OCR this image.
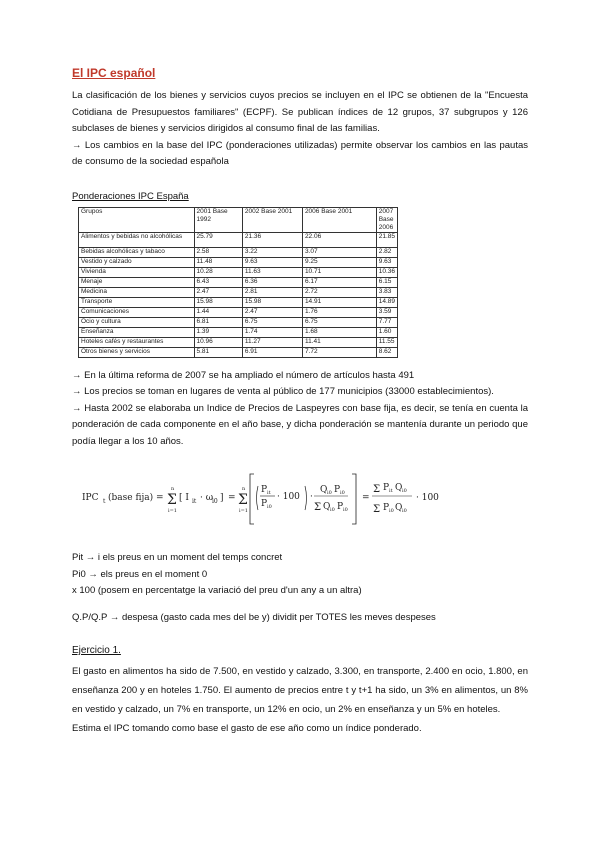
El IPC español

La clasificación de los bienes y servicios cuyos precios se incluyen en el IPC se obtienen de la "Encuesta Cotidiana de Presupuestos familiares" (ECPF). Se publican índices de 12 grupos, 37 subgrupos y 126 subclases de bienes y servicios dirigidos al consumo final de las familias.

→ Los cambios en la base del IPC (ponderaciones utilizadas) permite observar los cambios en las pautas de consumo de la sociedad española

Ponderaciones IPC España
Grupos	2001 Base 1992	2002 Base 2001	2006 Base 2001	2007 Base 2006
Alimentos y bebidas no alcohólicas	25.79	21.36	22.06	21.85
Bebidas alcohólicas y tabaco	2.58	3.22	3.07	2.82
Vestido y calzado	11.48	9.63	9.25	9.63
Vivienda	10.28	11.63	10.71	10.36
Menaje	6.43	6.36	6.17	6.15
Medicina	2.47	2.81	2.72	3.83
Transporte	15.98	15.98	14.91	14.89
Comunicaciones	1.44	2.47	1.76	3.59
Ocio y cultura	6.81	6.75	6.75	7.77
Enseñanza	1.39	1.74	1.68	1.60
Hoteles cafés y restaurantes	10.96	11.27	11.41	11.55
Otros bienes y servicios	5.81	6.91	7.72	8.62

→ En la última reforma de 2007 se ha ampliado el número de artículos hasta 491

→ Los precios se toman en lugares de venta al público de 177 municipios (33000 establecimientos).

→ Hasta 2002 se elaboraba un Indice de Precios de Laspeyres con base fija, es decir, se tenía en cuenta la ponderación de cada componente en el año base, y dicha ponderación se mantenía durante un periodo que podía llegar a los 10 años.

IPC t (base fija) = Σ
n
i=1
[ I it · ω
i0 ] = Σ
n
i=1
P it
P i0
· 100 ·
Q i0 P i0
Σ Q i0 P i0
=
Σ P it Q i0
Σ P i0 Q i0
· 100

Pit → i els preus en un moment del temps concret

Pi0 → els preus en el moment 0

x 100 (posem en percentatge la variació del preu d'un any a un altra)

Q.P/Q.P → despesa (gasto cada mes del be y) dividit per TOTES les meves despeses

Ejercicio 1.

El gasto en alimentos ha sido de 7.500, en vestido y calzado, 3.300, en transporte, 2.400 en ocio, 1.800, en enseñanza 200 y en hoteles 1.750. El aumento de precios entre t y t+1 ha sido, un 3% en alimentos, un 8% en vestido y calzado, un 7% en transporte, un 12% en ocio, un 2% en enseñanza y un 5% en hoteles.

Estima el IPC tomando como base el gasto de ese año como un índice ponderado.
